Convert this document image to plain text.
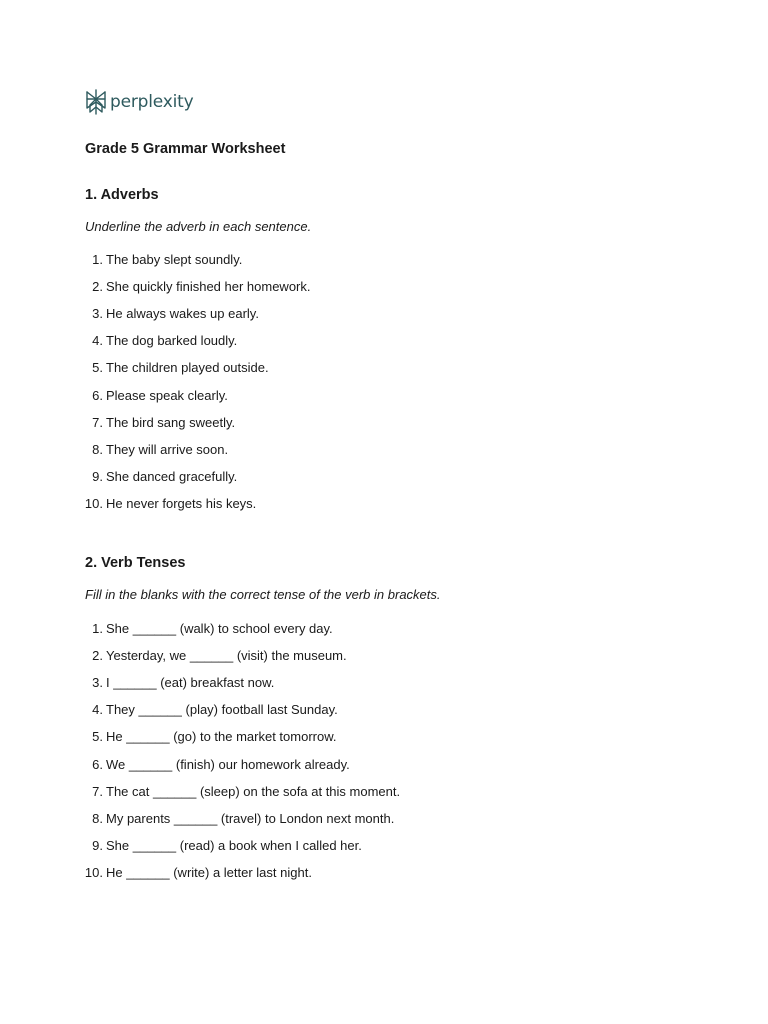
perplexity
Grade 5 Grammar Worksheet
1. Adverbs

Underline the adverb in each sentence.

1. The baby slept soundly.
2. She quickly finished her homework.
3. He always wakes up early.
4. The dog barked loudly.
5. The children played outside.
6. Please speak clearly.
7. The bird sang sweetly.
8. They will arrive soon.
9. She danced gracefully.
10. He never forgets his keys.
2. Verb Tenses

Fill in the blanks with the correct tense of the verb in brackets.

1. She ______ (walk) to school every day.
2. Yesterday, we ______ (visit) the museum.
3. I ______ (eat) breakfast now.
4. They ______ (play) football last Sunday.
5. He ______ (go) to the market tomorrow.
6. We ______ (finish) our homework already.
7. The cat ______ (sleep) on the sofa at this moment.
8. My parents ______ (travel) to London next month.
9. She ______ (read) a book when I called her.
10. He ______ (write) a letter last night.
